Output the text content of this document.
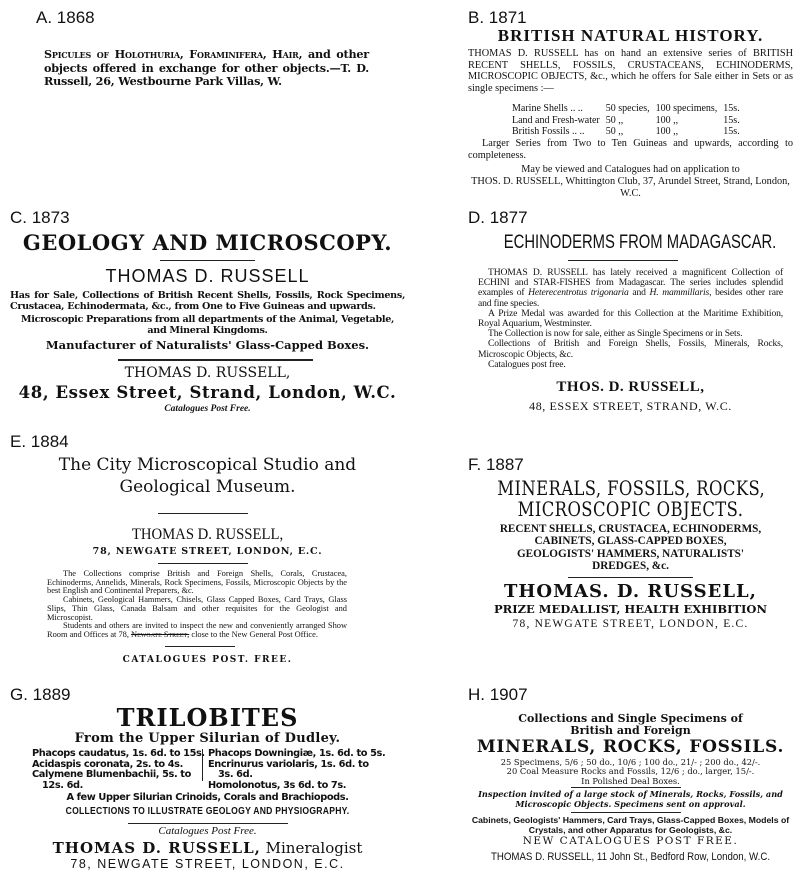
A. 1868
Spicules of Holothuria, Foraminifera, Hair, and other objects offered in exchange for other objects.—T. D. Russell, 26, Westbourne Park Villas, W.
B. 1871
BRITISH NATURAL HISTORY.
THOMAS D. RUSSELL has on hand an extensive series of BRITISH RECENT SHELLS, FOSSILS, CRUSTACEANS, ECHINODERMS, MICROSCOPIC OBJECTS, &c., which he offers for Sale either in Sets or as single specimens :—
Marine Shells .. ..	50 species,	100 specimens,	15s.
Land and Fresh-water	50 ,,	100 ,,	15s.
British Fossils .. ..	50 ,,	100 ,,	15s.
Larger Series from Two to Ten Guineas and upwards, according to completeness.
May be viewed and Catalogues had on application to
THOS. D. RUSSELL, Whittington Club, 37, Arundel Street, Strand, London, W.C.
C. 1873
GEOLOGY AND MICROSCOPY.
THOMAS D. RUSSELL
Has for Sale, Collections of British Recent Shells, Fossils, Rock Specimens, Crustacea, Echinodermata, &c., from One to Five Guineas and upwards.
Microscopic Preparations from all departments of the Animal, Vegetable, and Mineral Kingdoms.
Manufacturer of Naturalists' Glass-Capped Boxes.
THOMAS D. RUSSELL,
48, Essex Street, Strand, London, W.C.
Catalogues Post Free.
D. 1877
ECHINODERMS FROM MADAGASCAR.

THOMAS D. RUSSELL has lately received a magnificent Collection of ECHINI and STAR-FISHES from Madagascar. The series includes splendid examples of Heterecentrotus trigonaria and H. mammillaris, besides other rare and fine species.

A Prize Medal was awarded for this Collection at the Maritime Exhibition, Royal Aquarium, Westminster.

The Collection is now for sale, either as Single Specimens or in Sets.

Collections of British and Foreign Shells, Fossils, Minerals, Rocks, Microscopic Objects, &c.

Catalogues post free.

THOS. D. RUSSELL,
48, ESSEX STREET, STRAND, W.C.
E. 1884
The City Microscopical Studio and
Geological Museum.
THOMAS D. RUSSELL,
78, NEWGATE STREET, LONDON, E.C.

The Collections comprise British and Foreign Shells, Corals, Crustacea, Echinoderms, Annelids, Minerals, Rock Specimens, Fossils, Microscopic Objects by the best English and Continental Preparers, &c.

Cabinets, Geological Hammers, Chisels, Glass Capped Boxes, Card Trays, Glass Slips, Thin Glass, Canada Balsam and other requisites for the Geologist and Microscopist.

Students and others are invited to inspect the new and conveniently arranged Show Room and Offices at 78, Newgate Street, close to the New General Post Office.

CATALOGUES POST. FREE.
F. 1887
MINERALS, FOSSILS, ROCKS,
MICROSCOPIC OBJECTS.
RECENT SHELLS, CRUSTACEA, ECHINODERMS,
CABINETS, GLASS-CAPPED BOXES,
GEOLOGISTS' HAMMERS, NATURALISTS'
DREDGES, &c.
THOMAS. D. RUSSELL,
PRIZE MEDALLIST, HEALTH EXHIBITION
78, NEWGATE STREET, LONDON, E.C.
G. 1889
TRILOBITES
From the Upper Silurian of Dudley.
Phacops caudatus, 1s. 6d. to 15s.
Acidaspis coronata, 2s. to 4s.
Calymene Blumenbachii, 5s. to
12s. 6d.
Phacops Downingiæ, 1s. 6d. to 5s.
Encrinurus variolaris, 1s. 6d. to
3s. 6d.
Homolonotus, 3s 6d. to 7s.
A few Upper Silurian Crinoids, Corals and Brachiopods.
COLLECTIONS TO ILLUSTRATE GEOLOGY AND PHYSIOGRAPHY.
Catalogues Post Free.
THOMAS D. RUSSELL, Mineralogist
78, NEWGATE STREET, LONDON, E.C.
H. 1907
Collections and Single Specimens of
British and Foreign
MINERALS, ROCKS, FOSSILS.
25 Specimens, 5/6 ; 50 do., 10/6 ; 100 do., 21/- ; 200 do., 42/-.
20 Coal Measure Rocks and Fossils, 12/6 ; do., larger, 15/-.
In Polished Deal Boxes.
Inspection invited of a large stock of Minerals, Rocks, Fossils, and Microscopic Objects. Specimens sent on approval.
Cabinets, Geologists' Hammers, Card Trays, Glass-Capped Boxes, Models of Crystals, and other Apparatus for Geologists, &c.
NEW CATALOGUES POST FREE.
THOMAS D. RUSSELL, 11 John St., Bedford Row, London, W.C.
